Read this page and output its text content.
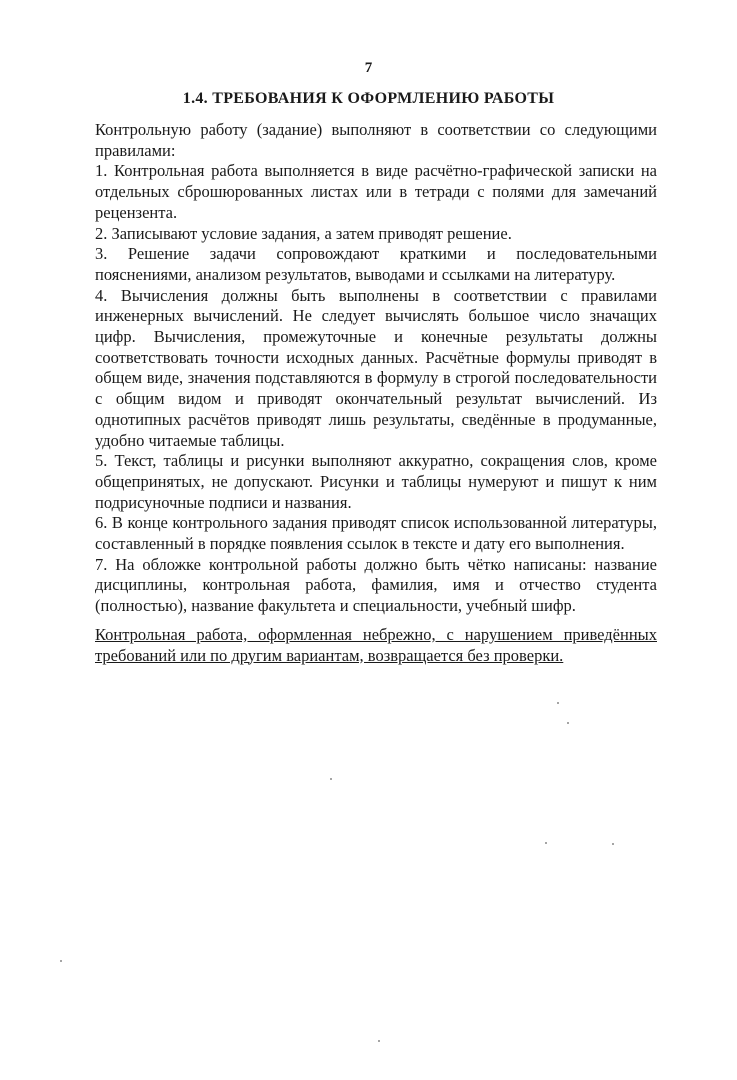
7
1.4. ТРЕБОВАНИЯ К ОФОРМЛЕНИЮ РАБОТЫ

Контрольную работу (задание) выполняют в соответствии со следующими правилами:

1. Контрольная работа выполняется в виде расчётно-графической записки на отдельных сброшюрованных листах или в тетради с полями для замечаний рецензента.

2. Записывают условие задания, а затем приводят решение.

3. Решение задачи сопровождают краткими и последовательными пояснениями, анализом результатов, выводами и ссылками на литературу.

4. Вычисления должны быть выполнены в соответствии с правилами инженерных вычислений. Не следует вычислять большое число значащих цифр. Вычисления, промежуточные и конечные результаты должны соответствовать точности исходных данных. Расчётные формулы приводят в общем виде, значения подставляются в формулу в строгой последовательности с общим видом и приводят окончательный результат вычислений. Из однотипных расчётов приводят лишь результаты, сведённые в продуманные, удобно читаемые таблицы.

5. Текст, таблицы и рисунки выполняют аккуратно, сокращения слов, кроме общепринятых, не допускают. Рисунки и таблицы нумеруют и пишут к ним подрисуночные подписи и названия.

6. В конце контрольного задания приводят список использованной литературы, составленный в порядке появления ссылок в тексте и дату его выполнения.

7. На обложке контрольной работы должно быть чётко написаны: название дисциплины, контрольная работа, фамилия, имя и отчество студента (полностью), название факультета и специальности, учебный шифр.

Контрольная работа, оформленная небрежно, с нарушением приведённых требований или по другим вариантам, возвращается без проверки.
